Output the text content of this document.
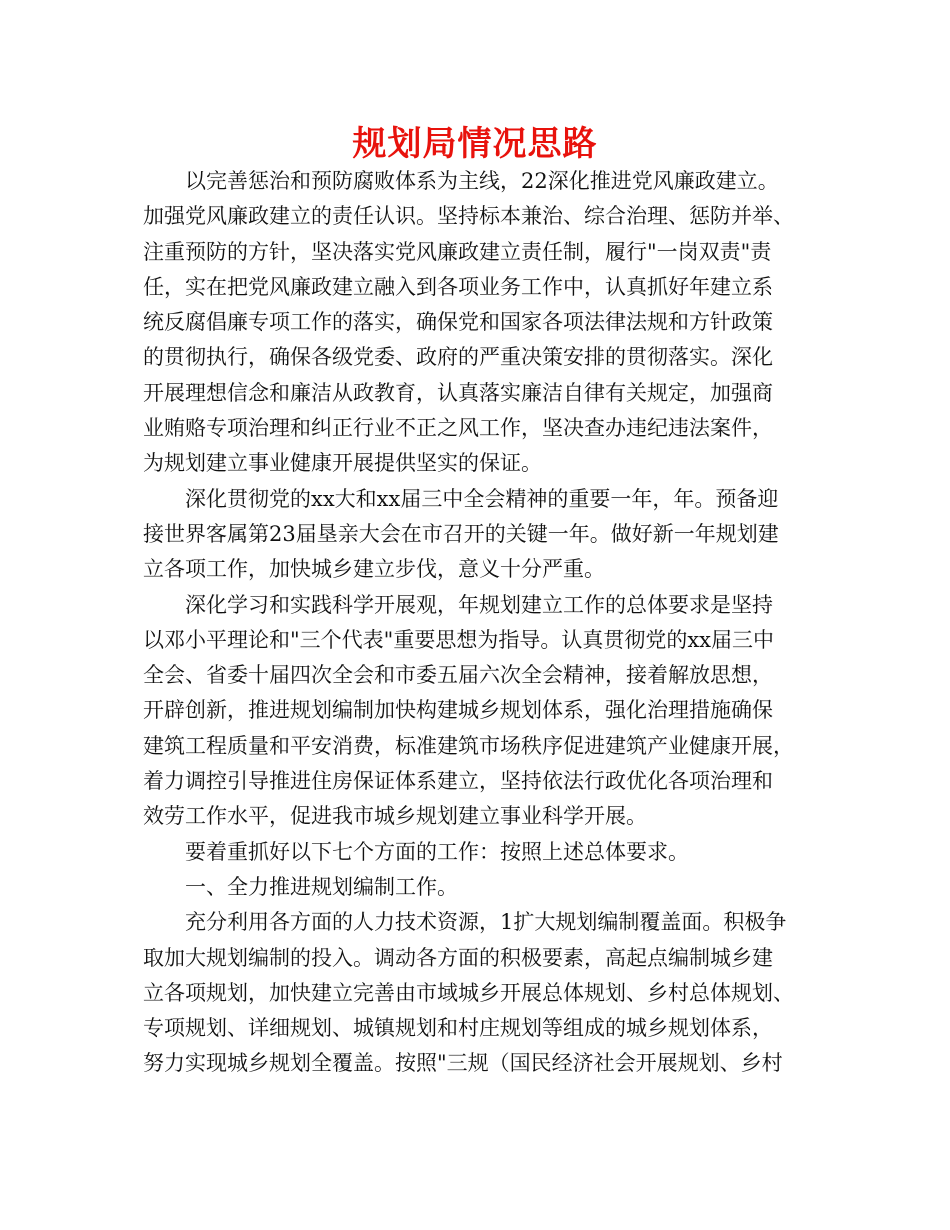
规划局情况思路
以完善惩治和预防腐败体系为主线，22深化推进党风廉政建立。
加强党风廉政建立的责任认识。坚持标本兼治、综合治理、惩防并举、
注重预防的方针，坚决落实党风廉政建立责任制，履行"一岗双责"责
任，实在把党风廉政建立融入到各项业务工作中，认真抓好年建立系
统反腐倡廉专项工作的落实，确保党和国家各项法律法规和方针政策
的贯彻执行，确保各级党委、政府的严重决策安排的贯彻落实。深化
开展理想信念和廉洁从政教育，认真落实廉洁自律有关规定，加强商
业贿赂专项治理和纠正行业不正之风工作，坚决查办违纪违法案件，
为规划建立事业健康开展提供坚实的保证。
深化贯彻党的xx大和xx届三中全会精神的重要一年，年。预备迎
接世界客属第23届垦亲大会在市召开的关键一年。做好新一年规划建
立各项工作，加快城乡建立步伐，意义十分严重。
深化学习和实践科学开展观，年规划建立工作的总体要求是坚持
以邓小平理论和"三个代表"重要思想为指导。认真贯彻党的xx届三中
全会、省委十届四次全会和市委五届六次全会精神，接着解放思想，
开辟创新，推进规划编制加快构建城乡规划体系，强化治理措施确保
建筑工程质量和平安消费，标准建筑市场秩序促进建筑产业健康开展，
着力调控引导推进住房保证体系建立，坚持依法行政优化各项治理和
效劳工作水平，促进我市城乡规划建立事业科学开展。
要着重抓好以下七个方面的工作：按照上述总体要求。
一、全力推进规划编制工作。
充分利用各方面的人力技术资源，1扩大规划编制覆盖面。积极争
取加大规划编制的投入。调动各方面的积极要素，高起点编制城乡建
立各项规划，加快建立完善由市域城乡开展总体规划、乡村总体规划、
专项规划、详细规划、城镇规划和村庄规划等组成的城乡规划体系，
努力实现城乡规划全覆盖。按照"三规（国民经济社会开展规划、乡村
